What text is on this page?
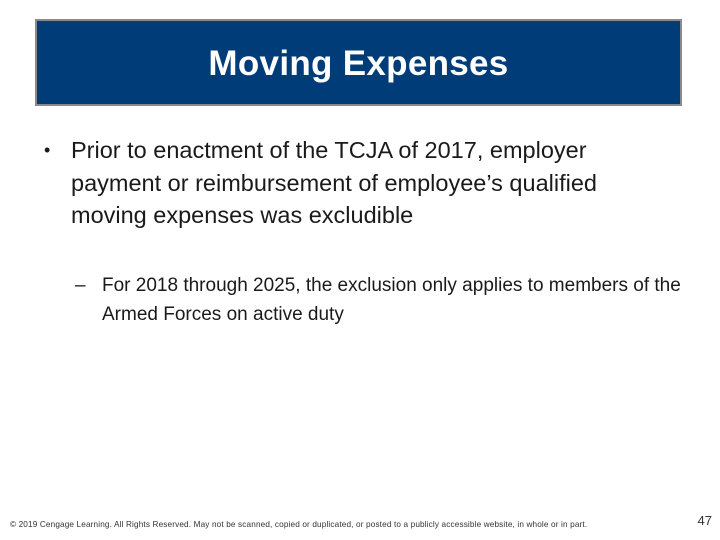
Moving Expenses
• Prior to enactment of the TCJA of 2017, employer payment or reimbursement of employee’s qualified moving expenses was excludible
– For 2018 through 2025, the exclusion only applies to members of the Armed Forces on active duty
© 2019 Cengage Learning. All Rights Reserved. May not be scanned, copied or duplicated, or posted to a publicly accessible website, in whole or in part.	47
